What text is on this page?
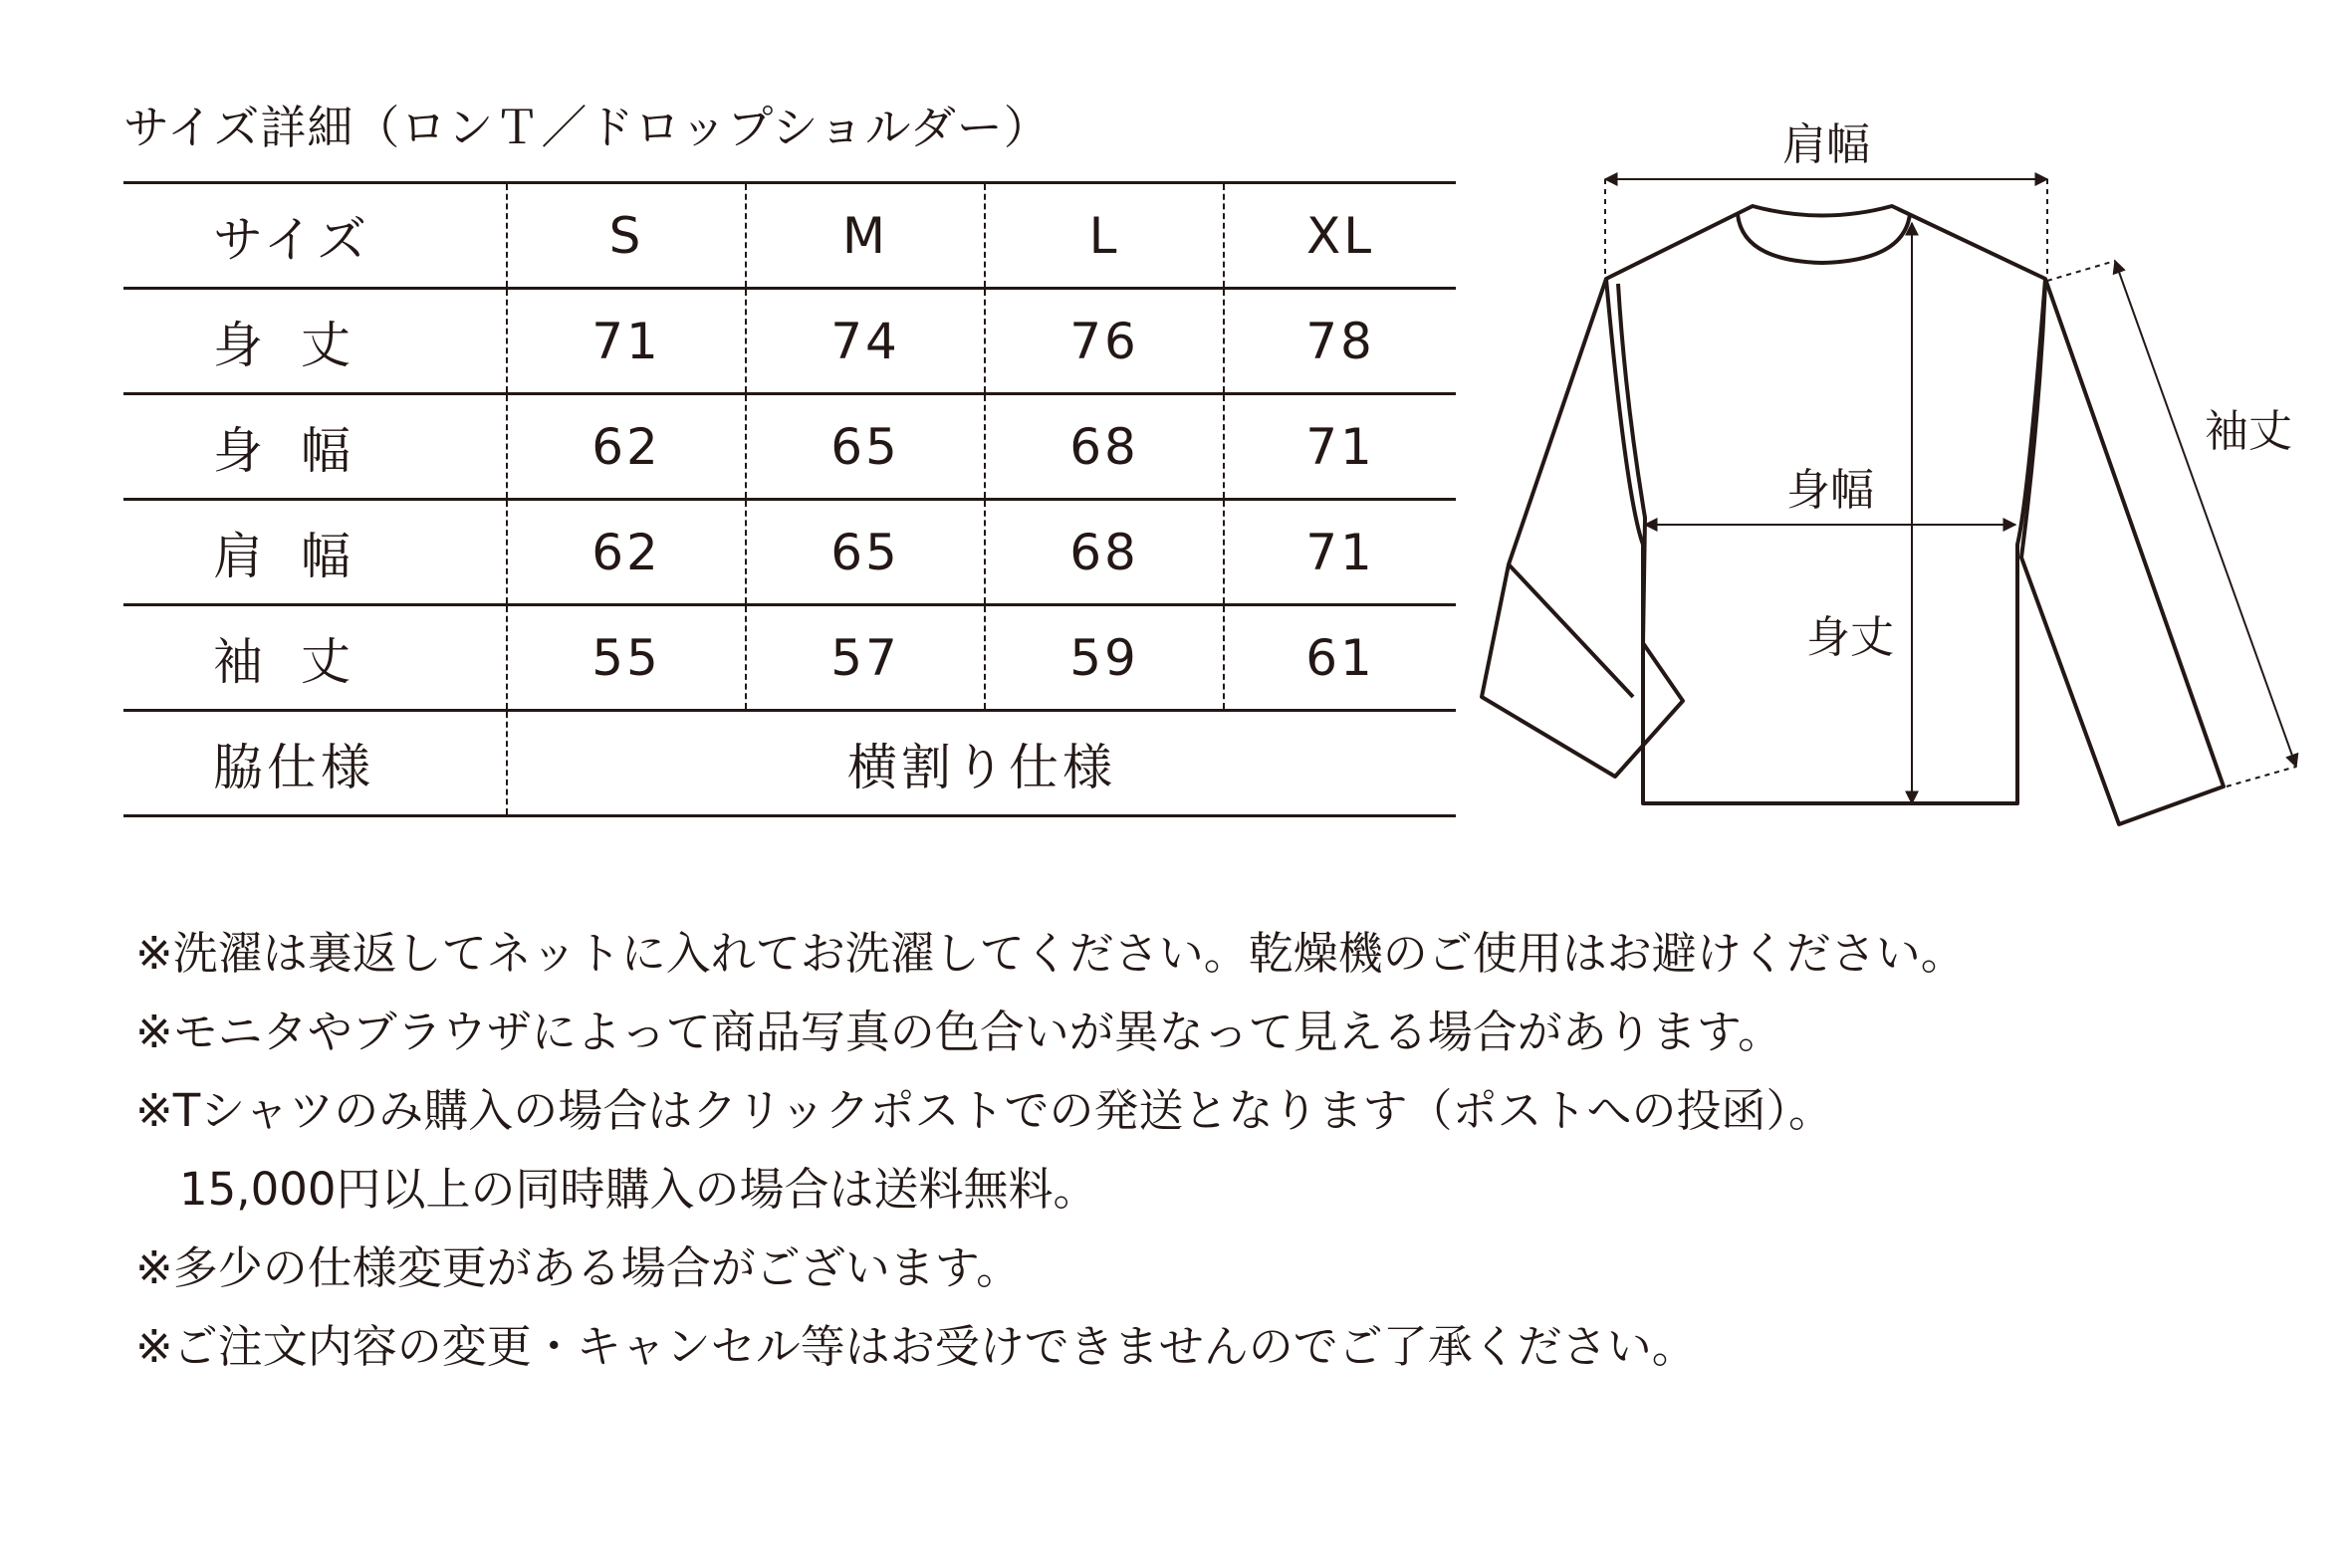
サイズ詳細（ロンＴ／ドロップショルダー）
サイズ	S	M	L	XL
身丈	71	74	76	78
身幅	62	65	68	71
肩幅	62	65	68	71
袖丈	55	57	59	61
脇仕様	横割り仕様			
肩幅
身幅
身丈
袖丈
※洗濯は裏返してネットに入れてお洗濯してください。乾燥機のご使用はお避けください。
※モニタやブラウザによって商品写真の色合いが異なって見える場合があります。
※Tシャツのみ購入の場合はクリックポストでの発送となります（ポストへの投函）。
15,000円以上の同時購入の場合は送料無料。
※多少の仕様変更がある場合がございます。
※ご注文内容の変更・キャンセル等はお受けできませんのでご了承ください。
